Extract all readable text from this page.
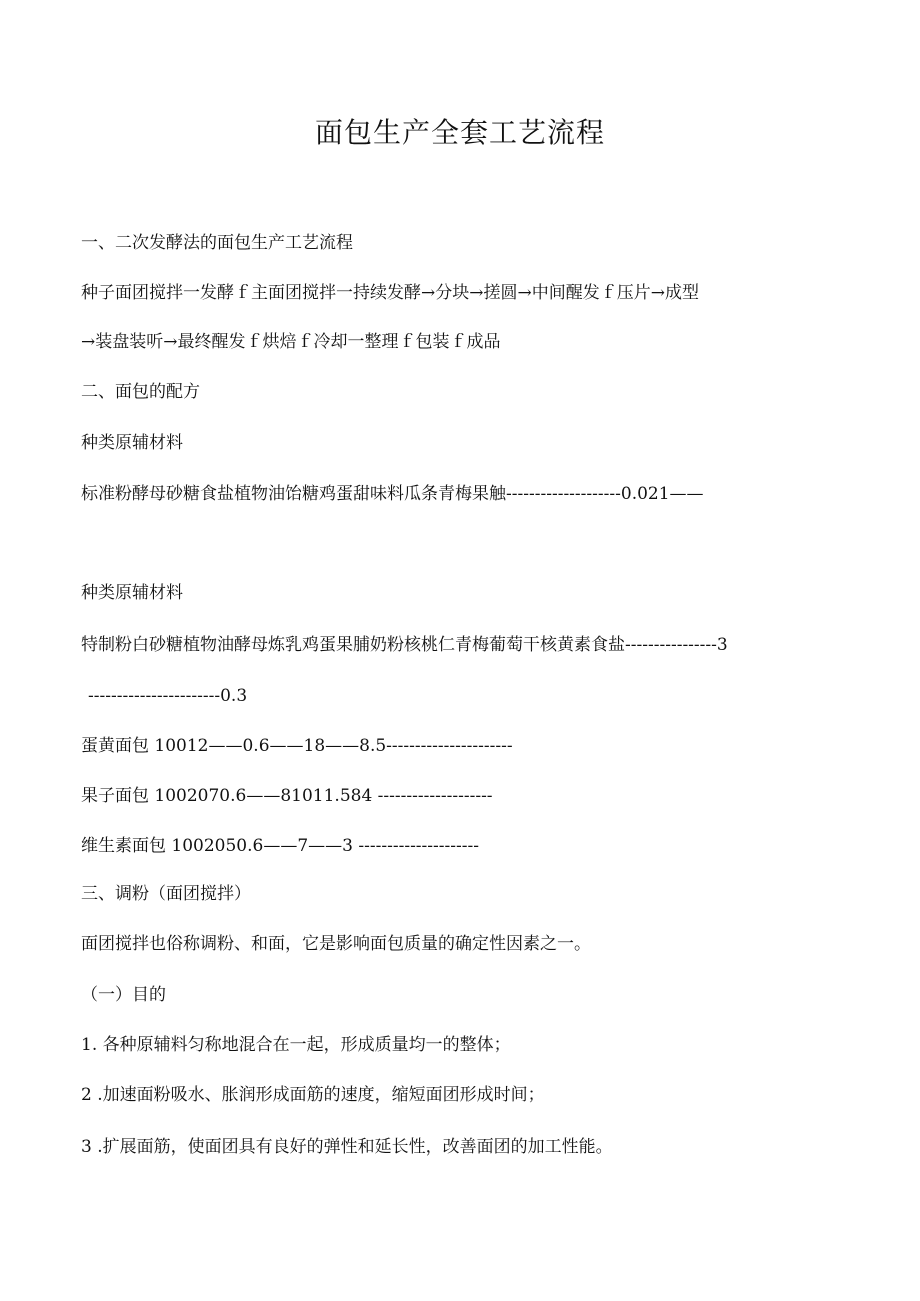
面包生产全套工艺流程
一、二次发酵法的面包生产工艺流程
种子面团搅拌一发酵ｆ主面团搅拌一持续发酵→分块→搓圆→中间醒发ｆ压片→成型
→装盘装听→最终醒发ｆ烘焙ｆ冷却一整理ｆ包装ｆ成品
二、面包的配方
种类原辅材料
标准粉酵母砂糖食盐植物油饴糖鸡蛋甜味料瓜条青梅果触--------------------0.021——
种类原辅材料
特制粉白砂糖植物油酵母炼乳鸡蛋果脯奶粉核桃仁青梅葡萄干核黄素食盐----------------3
-----------------------0.3
蛋黄面包 10012——0.6——18——8.5----------------------
果子面包 1002070.6——81011.584 --------------------
维生素面包 1002050.6——7——3 ---------------------
三、调粉（面团搅拌）
面团搅拌也俗称调粉、和面，它是影响面包质量的确定性因素之一。
（一）目的
1. 各种原辅料匀称地混合在一起，形成质量均一的整体；
2 .加速面粉吸水、胀润形成面筋的速度，缩短面团形成时间；
3 .扩展面筋，使面团具有良好的弹性和延长性，改善面团的加工性能。
